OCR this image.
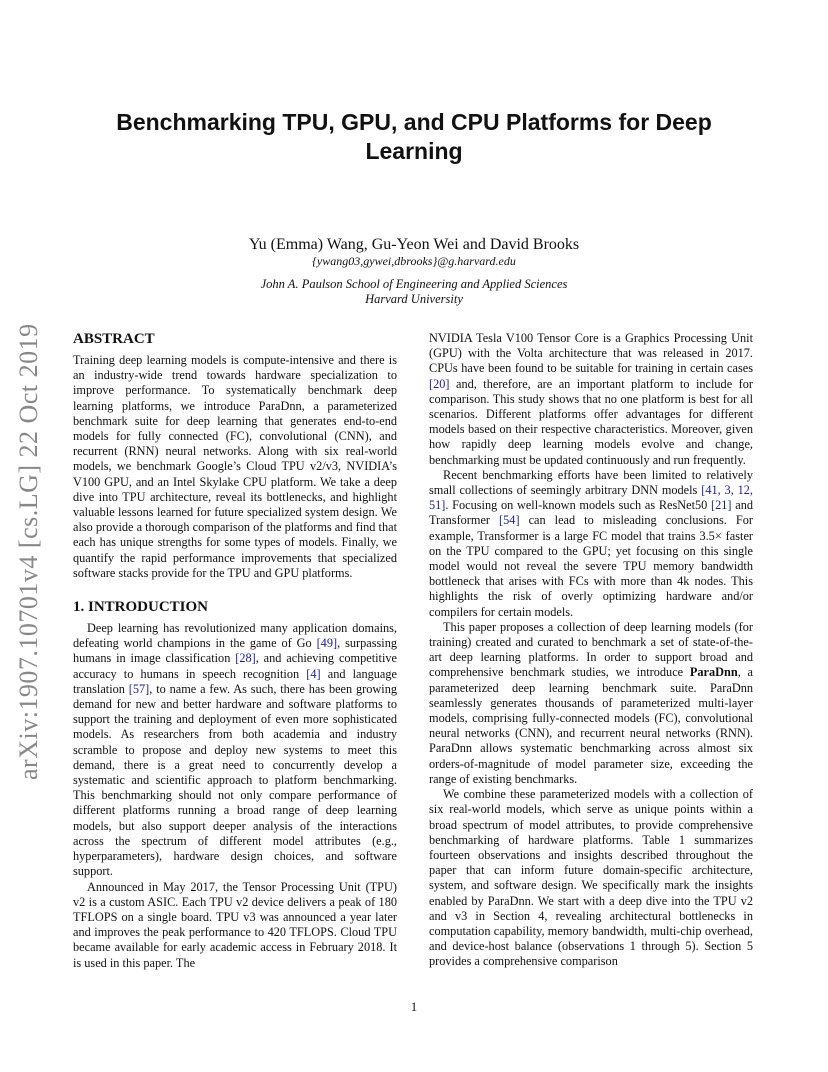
arXiv:1907.10701v4 [cs.LG] 22 Oct 2019
Benchmarking TPU, GPU, and CPU Platforms for Deep Learning
Yu (Emma) Wang, Gu-Yeon Wei and David Brooks
{ywang03,gywei,dbrooks}@g.harvard.edu
John A. Paulson School of Engineering and Applied Sciences
Harvard University
ABSTRACT

Training deep learning models is compute-intensive and there is an industry-wide trend towards hardware specialization to improve performance. To systematically benchmark deep learning platforms, we introduce ParaDnn, a parameterized benchmark suite for deep learning that generates end-to-end models for fully connected (FC), convolutional (CNN), and recurrent (RNN) neural networks. Along with six real-world models, we benchmark Google’s Cloud TPU v2/v3, NVIDIA’s V100 GPU, and an Intel Skylake CPU platform. We take a deep dive into TPU architecture, reveal its bottlenecks, and highlight valuable lessons learned for future specialized system design. We also provide a thorough comparison of the platforms and find that each has unique strengths for some types of models. Finally, we quantify the rapid performance improvements that specialized software stacks provide for the TPU and GPU platforms.

1. INTRODUCTION

Deep learning has revolutionized many application domains, defeating world champions in the game of Go [49], surpassing humans in image classification [28], and achieving competitive accuracy to humans in speech recognition [4] and language translation [57], to name a few. As such, there has been growing demand for new and better hardware and software platforms to support the training and deployment of even more sophisticated models. As researchers from both academia and industry scramble to propose and deploy new systems to meet this demand, there is a great need to concurrently develop a systematic and scientific approach to platform benchmarking. This benchmarking should not only compare performance of different platforms running a broad range of deep learning models, but also support deeper analysis of the interactions across the spectrum of different model attributes (e.g., hyperparameters), hardware design choices, and software support.

Announced in May 2017, the Tensor Processing Unit (TPU) v2 is a custom ASIC. Each TPU v2 device delivers a peak of 180 TFLOPS on a single board. TPU v3 was announced a year later and improves the peak performance to 420 TFLOPS. Cloud TPU became available for early academic access in February 2018. It is used in this paper. The

NVIDIA Tesla V100 Tensor Core is a Graphics Processing Unit (GPU) with the Volta architecture that was released in 2017. CPUs have been found to be suitable for training in certain cases [20] and, therefore, are an important platform to include for comparison. This study shows that no one platform is best for all scenarios. Different platforms offer advantages for different models based on their respective characteristics. Moreover, given how rapidly deep learning models evolve and change, benchmarking must be updated continuously and run frequently.

Recent benchmarking efforts have been limited to relatively small collections of seemingly arbitrary DNN models [41, 3, 12, 51]. Focusing on well-known models such as ResNet50 [21] and Transformer [54] can lead to misleading conclusions. For example, Transformer is a large FC model that trains 3.5× faster on the TPU compared to the GPU; yet focusing on this single model would not reveal the severe TPU memory bandwidth bottleneck that arises with FCs with more than 4k nodes. This highlights the risk of overly optimizing hardware and/or compilers for certain models.

This paper proposes a collection of deep learning models (for training) created and curated to benchmark a set of state-of-the-art deep learning platforms. In order to support broad and comprehensive benchmark studies, we introduce ParaDnn, a parameterized deep learning benchmark suite. ParaDnn seamlessly generates thousands of parameterized multi-layer models, comprising fully-connected models (FC), convolutional neural networks (CNN), and recurrent neural networks (RNN). ParaDnn allows systematic benchmarking across almost six orders-of-magnitude of model parameter size, exceeding the range of existing benchmarks.

We combine these parameterized models with a collection of six real-world models, which serve as unique points within a broad spectrum of model attributes, to provide comprehensive benchmarking of hardware platforms. Table 1 summarizes fourteen observations and insights described throughout the paper that can inform future domain-specific architecture, system, and software design. We specifically mark the insights enabled by ParaDnn. We start with a deep dive into the TPU v2 and v3 in Section 4, revealing architectural bottlenecks in computation capability, memory bandwidth, multi-chip overhead, and device-host balance (observations 1 through 5). Section 5 provides a comprehensive comparison

1
